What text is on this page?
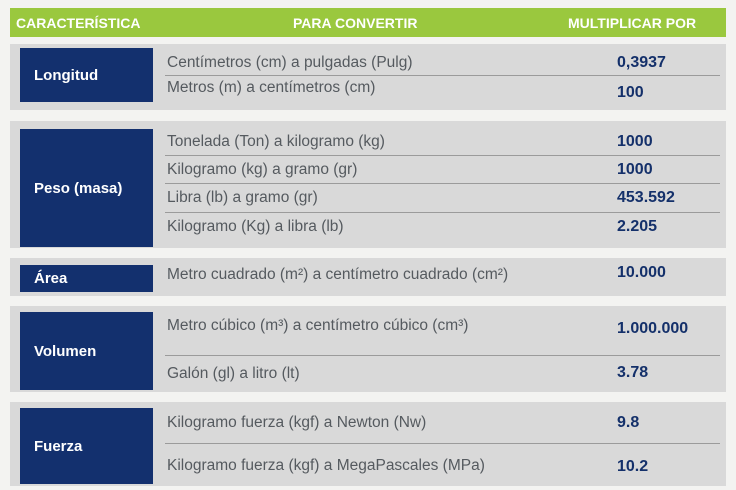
CARACTERÍSTICA	PARA CONVERTIR	MULTIPLICAR POR
Longitud
Centímetros (cm) a pulgadas (Pulg)	0,3937
Metros (m) a centímetros (cm)	100
Peso (masa)
Tonelada (Ton) a kilogramo (kg)	1000
Kilogramo (kg) a gramo (gr)	1000
Libra (lb) a gramo (gr)	453.592
Kilogramo (Kg) a libra (lb)	2.205
Área	Metro cuadrado (m²) a centímetro cuadrado (cm²)	10.000
Volumen
Metro cúbico (m³) a centímetro cúbico (cm³)	1.000.000
Galón (gl) a litro (lt)	3.78
Fuerza
Kilogramo fuerza (kgf) a Newton (Nw)	9.8
Kilogramo fuerza (kgf) a MegaPascales (MPa)	10.2
